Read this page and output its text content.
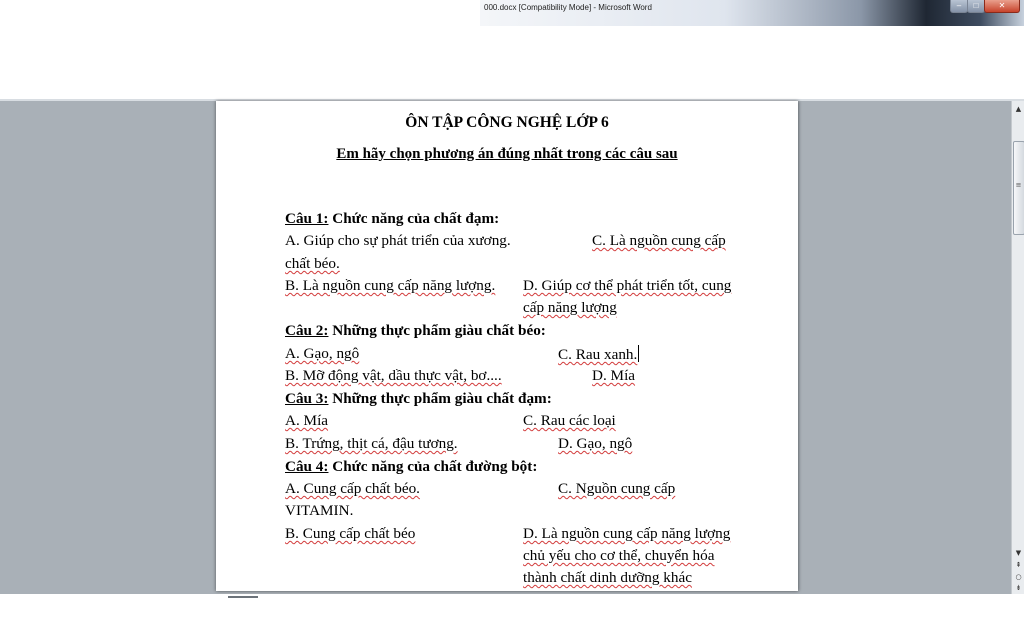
000.docx [Compatibility Mode] - Microsoft Word	–	□	✕
ÔN TẬP CÔNG NGHỆ LỚP 6
Em hãy chọn phương án đúng nhất trong các câu sau
Câu 1: Chức năng của chất đạm:
A. Giúp cho sự phát triển của xương.	C. Là nguồn cung cấp
chất béo.
B. Là nguồn cung cấp năng lượng. D. Giúp cơ thể phát triển tốt, cung
cấp năng lượng
Câu 2: Những thực phẩm giàu chất béo:
A. Gạo, ngô	C. Rau xanh.
B. Mỡ động vật, dầu thực vật, bơ....	D. Mía
Câu 3: Những thực phẩm giàu chất đạm:
A. Mía	C. Rau các loại
B. Trứng, thịt cá, đậu tương.	D. Gạo, ngô
Câu 4: Chức năng của chất đường bột:
A. Cung cấp chất béo.	C. Nguồn cung cấp
VITAMIN.
B. Cung cấp chất béo	D. Là nguồn cung cấp năng lượng
chủ yếu cho cơ thể, chuyển hóa
thành chất dinh dưỡng khác
▲
≡
▼
⇞
○
⇟
